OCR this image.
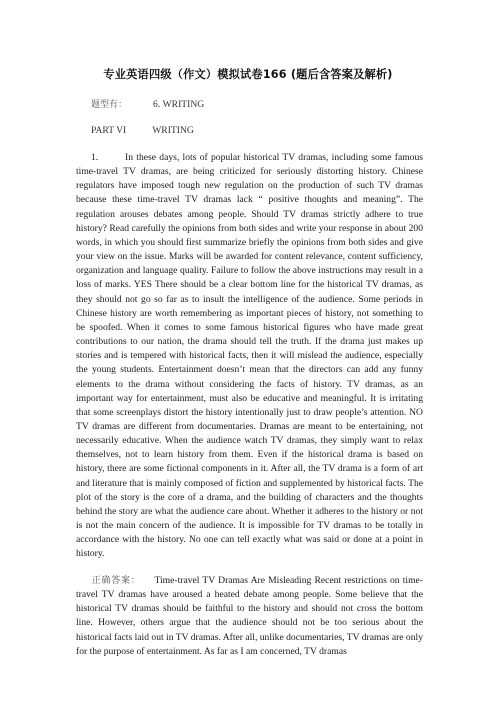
专业英语四级（作文）模拟试卷166 (题后含答案及解析)
题型有：	6. WRITING
PART VI	WRITING

1.	In these days, lots of popular historical TV dramas, including some famous time-travel TV dramas, are being criticized for seriously distorting history. Chinese regulators have imposed tough new regulation on the production of such TV dramas because these time-travel TV dramas lack “ positive thoughts and meaning”. The regulation arouses debates among people. Should TV dramas strictly adhere to true history? Read carefully the opinions from both sides and write your response in about 200 words, in which you should first summarize briefly the opinions from both sides and give your view on the issue. Marks will be awarded for content relevance, content sufficiency, organization and language quality. Failure to follow the above instructions may result in a loss of marks. YES There should be a clear bottom line for the historical TV dramas, as they should not go so far as to insult the intelligence of the audience. Some periods in Chinese history are worth remembering as important pieces of history, not something to be spoofed. When it comes to some famous historical figures who have made great contributions to our nation, the drama should tell the truth. If the drama just makes up stories and is tempered with historical facts, then it will mislead the audience, especially the young students. Entertainment doesn’t mean that the directors can add any funny elements to the drama without considering the facts of history. TV dramas, as an important way for entertainment, must also be educative and meaningful. It is irritating that some screenplays distort the history intentionally just to draw people’s attention. NO TV dramas are different from documentaries. Dramas are meant to be entertaining, not necessarily educative. When the audience watch TV dramas, they simply want to relax themselves, not to learn history from them. Even if the historical drama is based on history, there are some fictional components in it. After all, the TV drama is a form of art and literature that is mainly composed of fiction and supplemented by historical facts. The plot of the story is the core of a drama, and the building of characters and the thoughts behind the story are what the audience care about. Whether it adheres to the history or not is not the main concern of the audience. It is impossible for TV dramas to be totally in accordance with the history. No one can tell exactly what was said or done at a point in history.

正确答案： Time-travel TV Dramas Are Misleading Recent restrictions on time-travel TV dramas have aroused a heated debate among people. Some believe that the historical TV dramas should be faithful to the history and should not cross the bottom line. However, others argue that the audience should not be too serious about the historical facts laid out in TV dramas. After all, unlike documentaries, TV dramas are only for the purpose of entertainment. As far as I am concerned, TV dramas
